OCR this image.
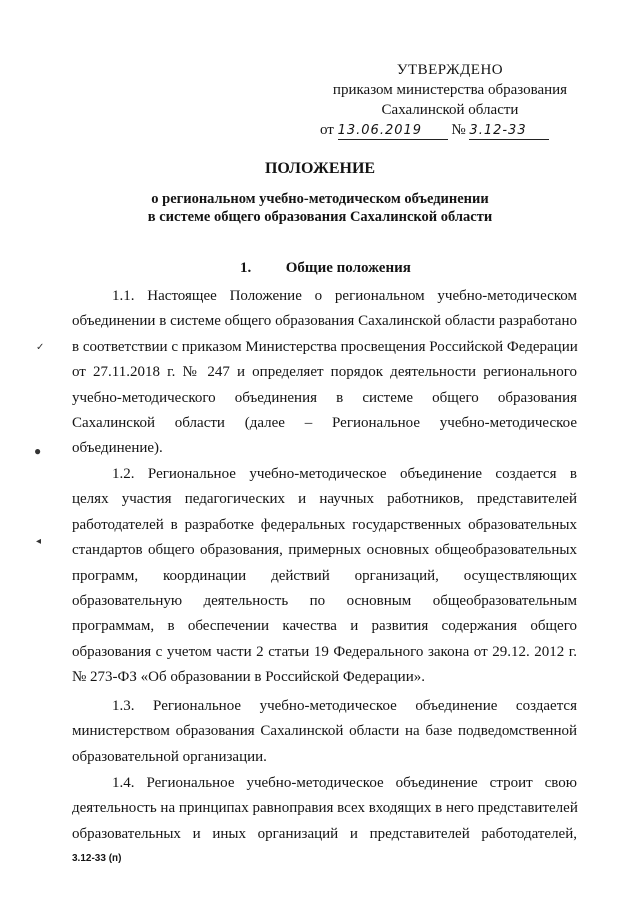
УТВЕРЖДЕНО
приказом министерства образования
Сахалинской области
от 13.06.2019 № 3.12-33
ПОЛОЖЕНИЕ
о региональном учебно-методическом объединении
в системе общего образования Сахалинской области
1. Общие положения
1.1. Настоящее Положение о региональном учебно-методическом
объединении в системе общего образования Сахалинской области разработано
в соответствии с приказом Министерства просвещения Российской Федерации
от 27.11.2018 г. № 247 и определяет порядок деятельности регионального
учебно-методического объединения в системе общего образования
Сахалинской области (далее – Региональное учебно-методическое
объединение).
1.2. Региональное учебно-методическое объединение создается в
целях участия педагогических и научных работников, представителей
работодателей в разработке федеральных государственных образовательных
стандартов общего образования, примерных основных общеобразовательных
программ, координации действий организаций, осуществляющих
образовательную деятельность по основным общеобразовательным
программам, в обеспечении качества и развития содержания общего
образования с учетом части 2 статьи 19 Федерального закона от 29.12. 2012 г.
№ 273-ФЗ «Об образовании в Российской Федерации».
1.3. Региональное учебно-методическое объединение создается
министерством образования Сахалинской области на базе подведомственной
образовательной организации.
1.4. Региональное учебно-методическое объединение строит свою
деятельность на принципах равноправия всех входящих в него представителей
образовательных и иных организаций и представителей работодателей,
3.12-33 (п)
✓
●
◂
